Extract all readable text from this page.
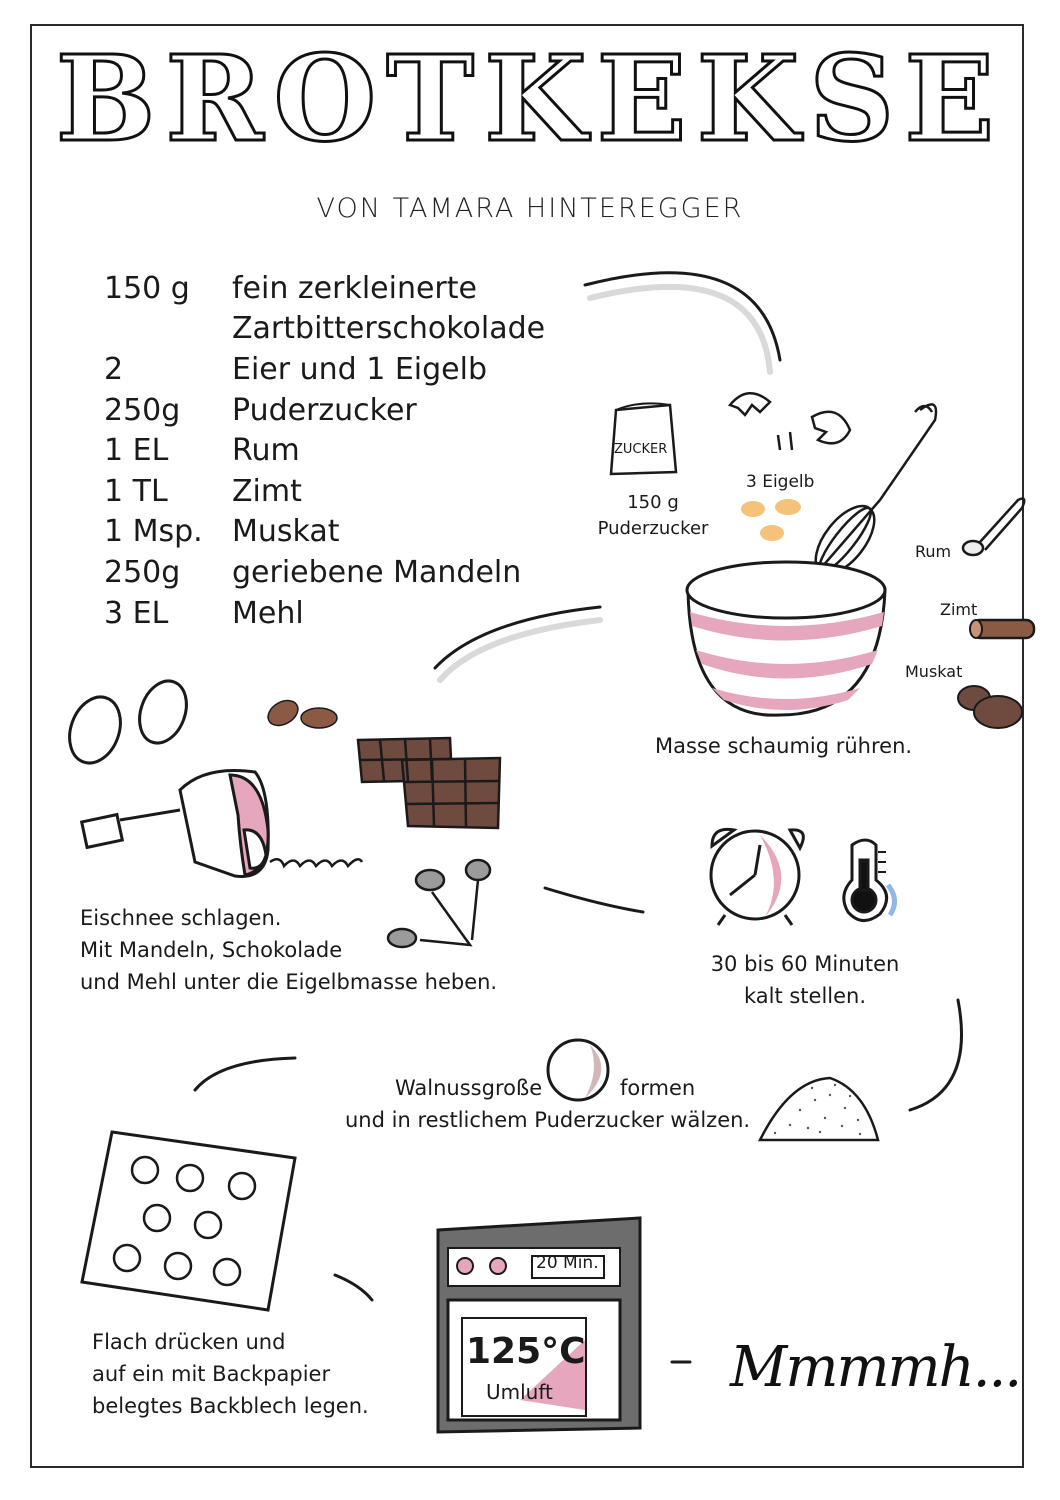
BROTKEKSE
VON TAMARA HINTEREGGER
150 g	fein zerkleinerte
Zartbitterschokolade
2	Eier und 1 Eigelb
250g	Puderzucker
1 EL	Rum
1 TL	Zimt
1 Msp. Muskat
250g	geriebene Mandeln
3 EL	Mehl
ZUCKER
150 g
Puderzucker
3 Eigelb
Rum
Zimt
Muskat
Masse schaumig rühren.
Eischnee schlagen.
Mit Mandeln, Schokolade
und Mehl unter die Eigelbmasse heben.
30 bis 60 Minuten
kalt stellen.
Walnussgroße	formen
und in restlichem Puderzucker wälzen.
Flach drücken und
auf ein mit Backpapier
belegtes Backblech legen.
20 Min.
125°C
Umluft	Mmmmh...
